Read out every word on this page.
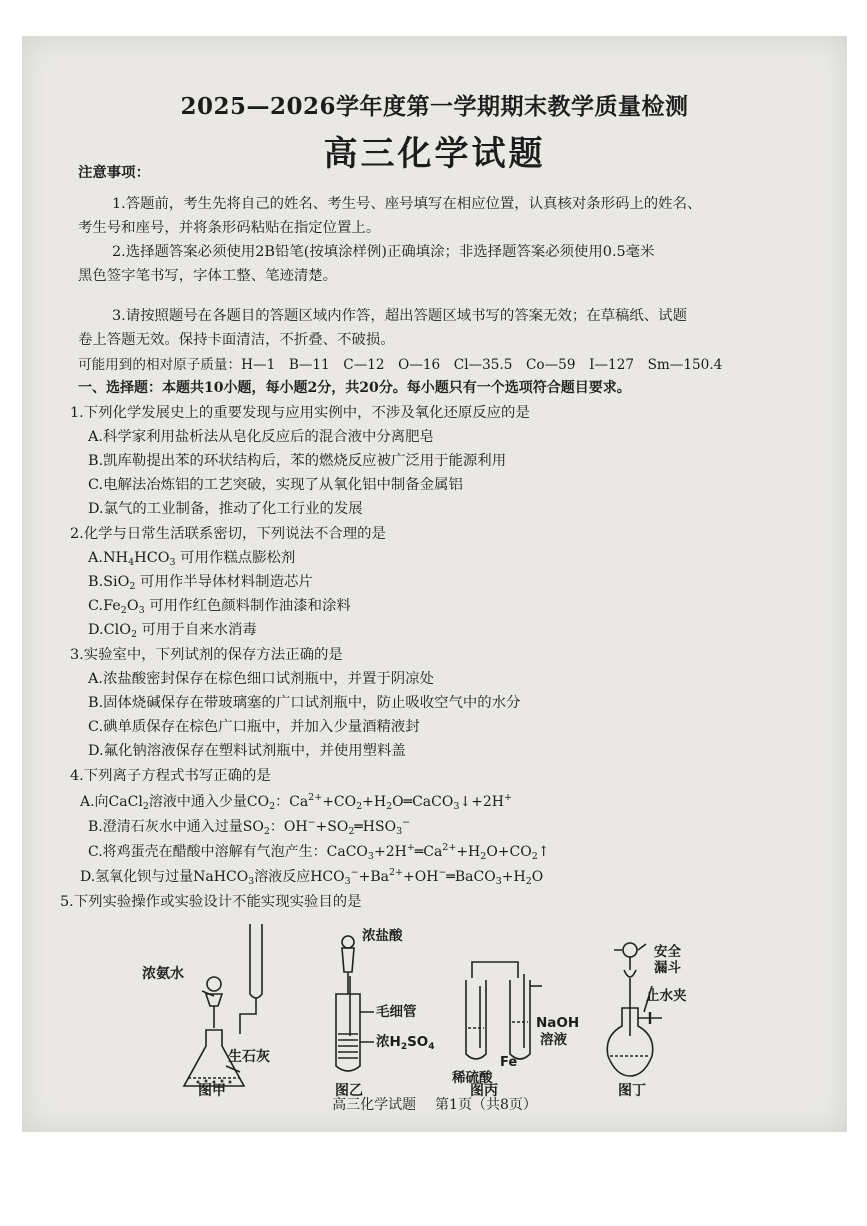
2025—2026学年度第一学期期末教学质量检测
高三化学试题
注意事项：
1.答题前，考生先将自己的姓名、考生号、座号填写在相应位置，认真核对条形码上的姓名、
考生号和座号，并将条形码粘贴在指定位置上。
2.选择题答案必须使用2B铅笔(按填涂样例)正确填涂；非选择题答案必须使用0.5毫米
黑色签字笔书写，字体工整、笔迹清楚。
3.请按照题号在各题目的答题区域内作答，超出答题区域书写的答案无效；在草稿纸、试题
卷上答题无效。保持卡面清洁，不折叠、不破损。
可能用到的相对原子质量：H—1　B—11　C—12　O—16　Cl—35.5　Co—59　I—127　Sm—150.4
一、选择题：本题共10小题，每小题2分，共20分。每小题只有一个选项符合题目要求。
1.下列化学发展史上的重要发现与应用实例中，不涉及氧化还原反应的是
A.科学家利用盐析法从皂化反应后的混合液中分离肥皂
B.凯库勒提出苯的环状结构后，苯的燃烧反应被广泛用于能源利用
C.电解法冶炼铝的工艺突破，实现了从氧化铝中制备金属铝
D.氯气的工业制备，推动了化工行业的发展
2.化学与日常生活联系密切，下列说法不合理的是
$A.NH_4HCO_3$ 可用作糕点膨松剂
B.SiO$_2$ 可用作半导体材料制造芯片
$C.Fe_2O_3$ 可用作红色颜料制作油漆和涂料
D.ClO$_2$ 可用于自来水消毒
3.实验室中，下列试剂的保存方法正确的是
A.浓盐酸密封保存在棕色细口试剂瓶中，并置于阴凉处
B.固体烧碱保存在带玻璃塞的广口试剂瓶中，防止吸收空气中的水分
C.碘单质保存在棕色广口瓶中，并加入少量酒精液封
D.氟化钠溶液保存在塑料试剂瓶中，并使用塑料盖
4.下列离子方程式书写正确的是
A.向CaCl$_2$溶液中通入少量$CO_2$：$Ca^{2+}+CO_2+H_2O═CaCO_3↓+2H^+$
B.澄清石灰水中通入过量$SO_2$：$OH^-+SO_2═HSO_3^-$
C.将鸡蛋壳在醋酸中溶解有气泡产生：$CaCO_3+2H^+═Ca^{2+}+H_2O+CO_2↑$
D.氢氧化钡与过量NaHCO$_3$溶液反应$HCO_3^-+Ba^{2+}+OH^-═BaCO_3+H_2O$
5.下列实验操作或实验设计不能实现实验目的是
浓氨水
生石灰
图甲
浓盐酸
毛细管
浓$H_2SO_4$
图乙
稀硫酸
Fe
NaOH
溶液
图丙
安全
漏斗
止水夹
图丁
高三化学试题 第1页（共8页）
